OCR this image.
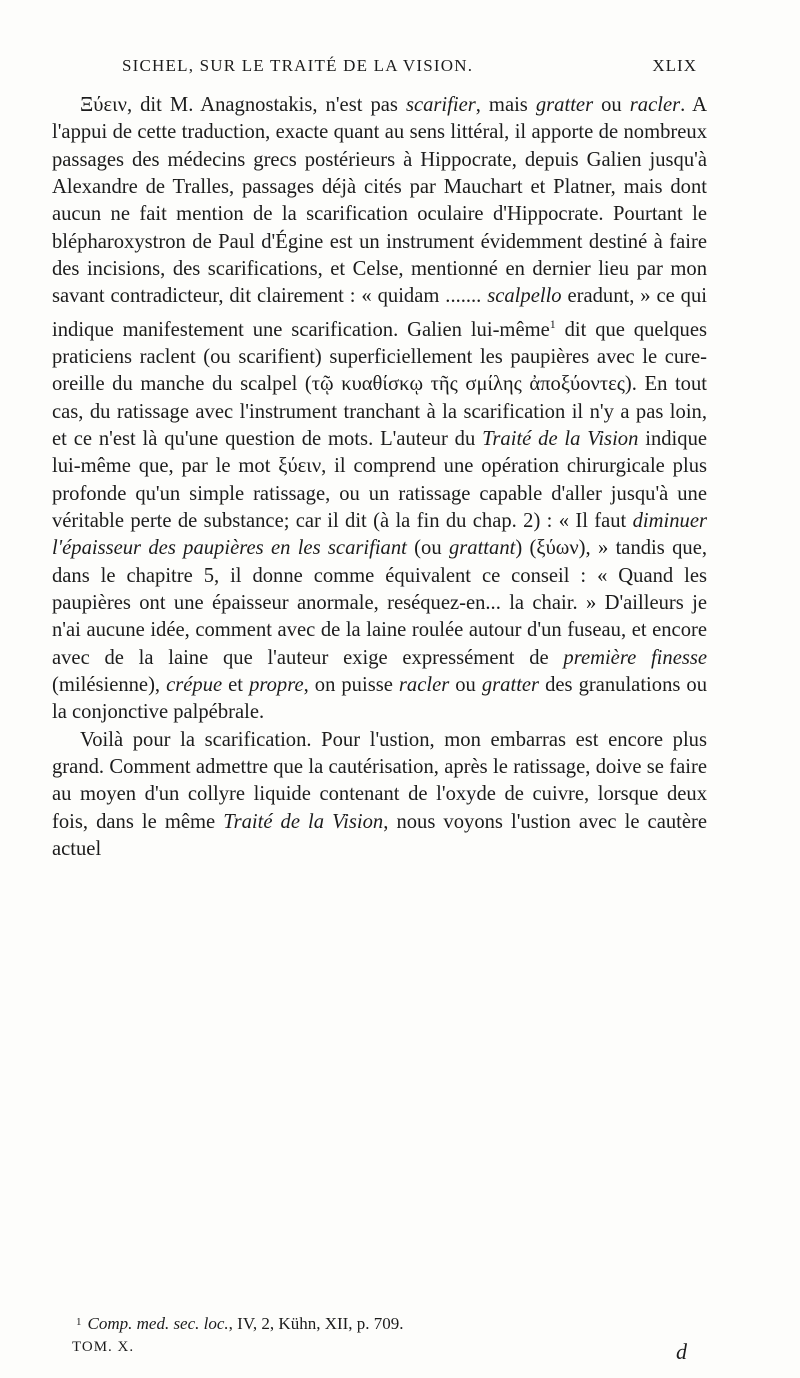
SICHEL, SUR LE TRAITÉ DE LA VISION.	XLIX

Ξύειν, dit M. Anagnostakis, n'est pas scarifier, mais gratter ou racler. A l'appui de cette traduction, exacte quant au sens littéral, il apporte de nombreux passages des médecins grecs postérieurs à Hippocrate, depuis Galien jusqu'à Alexandre de Tralles, passages déjà cités par Mauchart et Platner, mais dont aucun ne fait mention de la scarification oculaire d'Hippocrate. Pourtant le blépharoxystron de Paul d'Égine est un instrument évidemment destiné à faire des incisions, des scarifications, et Celse, mentionné en dernier lieu par mon savant contradicteur, dit clairement : « quidam ....... scalpello eradunt, » ce qui indique manifestement une scarification. Galien lui-même$^1$ dit que quelques praticiens raclent (ou scarifient) superficiellement les paupières avec le cure-oreille du manche du scalpel (τῷ κυαθίσκῳ τῆς σμίλης ἀποξύοντες). En tout cas, du ratissage avec l'instrument tranchant à la scarification il n'y a pas loin, et ce n'est là qu'une question de mots. L'auteur du Traité de la Vision indique lui-même que, par le mot ξύειν, il comprend une opération chirurgicale plus profonde qu'un simple ratissage, ou un ratissage capable d'aller jusqu'à une véritable perte de substance; car il dit (à la fin du chap. 2) : « Il faut diminuer l'épaisseur des paupières en les scarifiant (ou grattant) (ξύων), » tandis que, dans le chapitre 5, il donne comme équivalent ce conseil : « Quand les paupières ont une épaisseur anormale, reséquez-en... la chair. » D'ailleurs je n'ai aucune idée, comment avec de la laine roulée autour d'un fuseau, et encore avec de la laine que l'auteur exige expressément de première finesse (milésienne), crépue et propre, on puisse racler ou gratter des granulations ou la conjonctive palpébrale.

Voilà pour la scarification. Pour l'ustion, mon embarras est encore plus grand. Comment admettre que la cautérisation, après le ratissage, doive se faire au moyen d'un collyre liquide contenant de l'oxyde de cuivre, lorsque deux fois, dans le même Traité de la Vision, nous voyons l'ustion avec le cautère actuel

$^1$ Comp. med. sec. loc., IV, 2, Kühn, XII, p. 709.
TOM. X.	d
